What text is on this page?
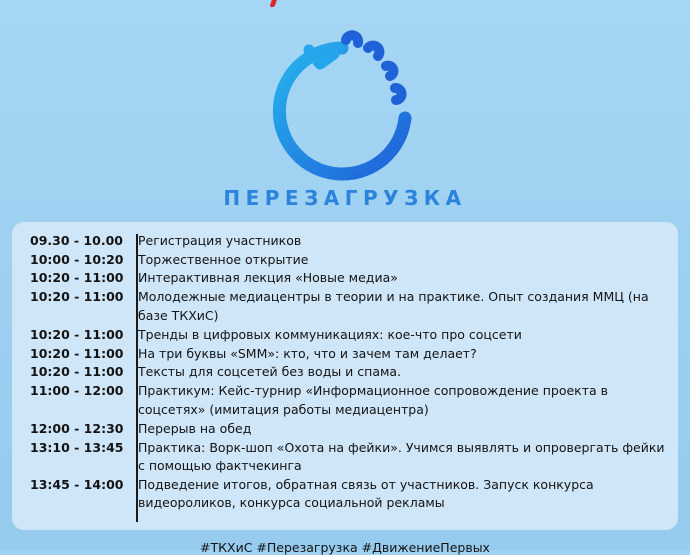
ПЕРЕЗАГРУЗКА
09.30 - 10.00	Регистрация участников
10:00 - 10:20	Торжественное открытие
10:20 - 11:00	Интерактивная лекция «Новые медиа»
10:20 - 11:00	Молодежные медиацентры в теории и на практике. Опыт создания ММЦ (на базе ТКХиС)
10:20 - 11:00	Тренды в цифровых коммуникациях: кое-что про соцсети
10:20 - 11:00	На три буквы «SMM»: кто, что и зачем там делает?
10:20 - 11:00	Тексты для соцсетей без воды и спама.
11:00 - 12:00	Практикум: Кейс-турнир «Информационное сопровождение проекта в соцсетях» (имитация работы медиацентра)
12:00 - 12:30	Перерыв на обед
13:10 - 13:45	Практика: Ворк-шоп «Охота на фейки». Учимся выявлять и опровергать фейки с помощью фактчекинга
13:45 - 14:00	Подведение итогов, обратная связь от участников. Запуск конкурса видеороликов, конкурса социальной рекламы
#ТКХиС #Перезагрузка #ДвижениеПервых
